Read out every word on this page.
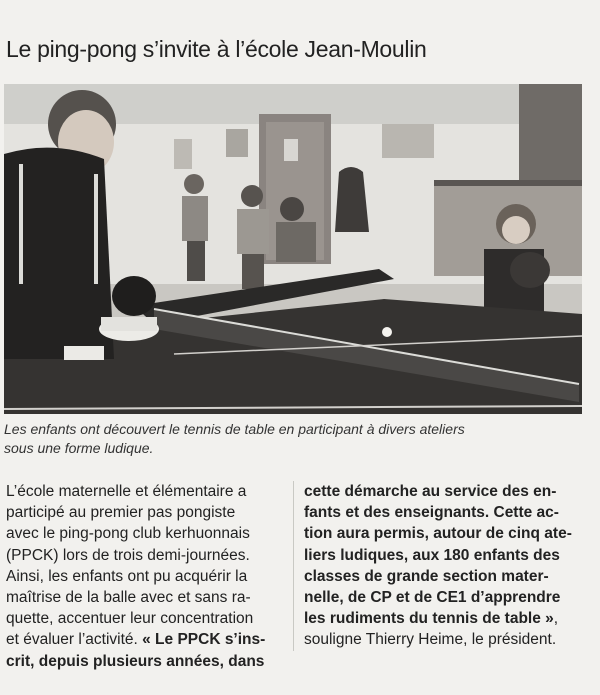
Le ping-pong s’invite à l’école Jean-Moulin
Les enfants ont découvert le tennis de table en participant à divers ateliers
sous une forme ludique.
L’école maternelle et élémentaire a
participé au premier pas pongiste
avec le ping-pong club kerhuonnais
(PPCK) lors de trois demi-journées.
Ainsi, les enfants ont pu acquérir la
maîtrise de la balle avec et sans ra-
quette, accentuer leur concentration
et évaluer l’activité. « Le PPCK s’ins-
crit, depuis plusieurs années, dans
cette démarche au service des en-
fants et des enseignants. Cette ac-
tion aura permis, autour de cinq ate-
liers ludiques, aux 180 enfants des
classes de grande section mater-
nelle, de CP et de CE1 d’apprendre
les rudiments du tennis de table »,
souligne Thierry Heime, le président.
